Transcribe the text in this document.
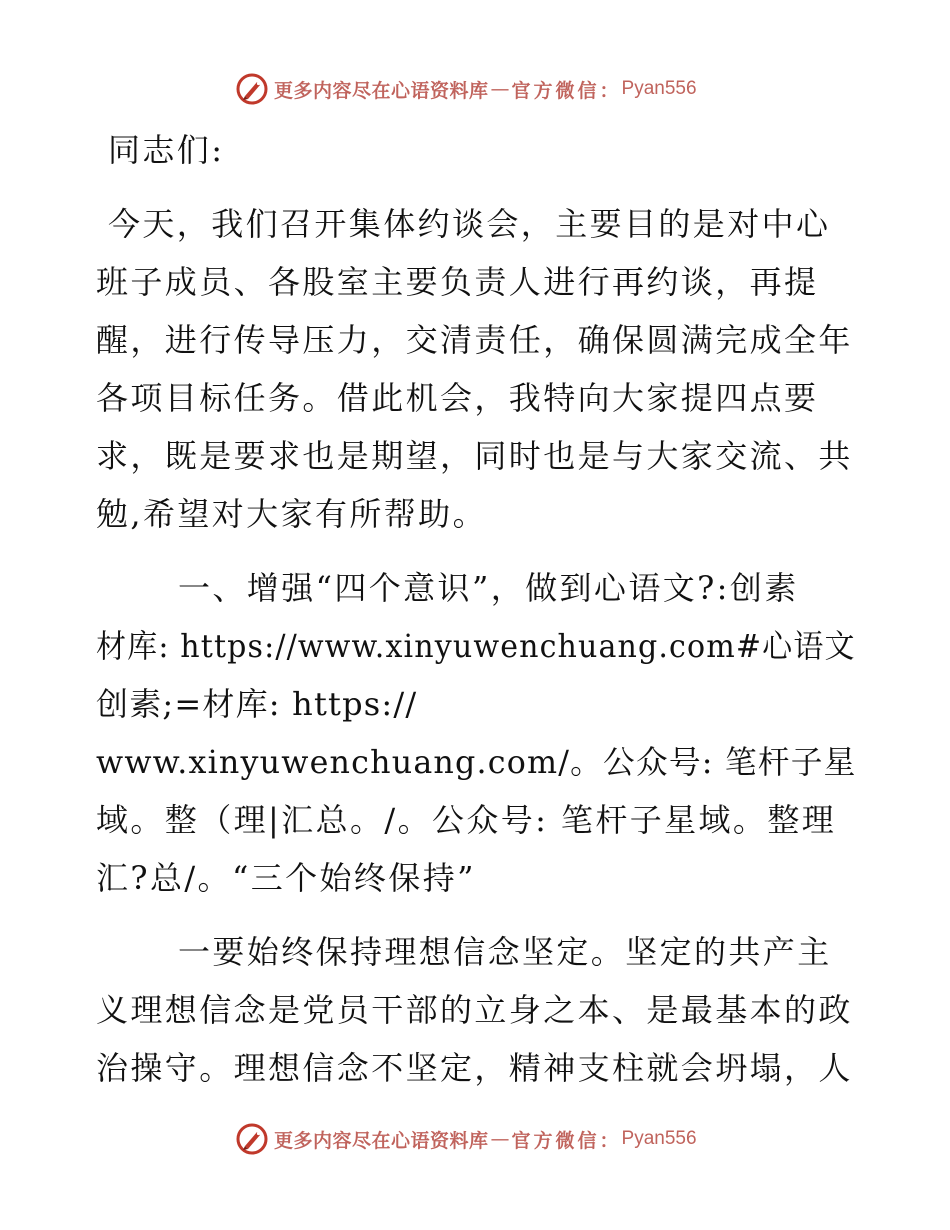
更多内容尽在心语资料库 — 官方微信： Pyan556
同志们:
今天，我们召开集体约谈会，主要目的是对中心
班子成员、各股室主要负责人进行再约谈，再提
醒，进行传导压力，交清责任，确保圆满完成全年
各项目标任务。借此机会，我特向大家提四点要
求，既是要求也是期望，同时也是与大家交流、共
勉,希望对大家有所帮助。
一、增强“四个意识”，做到心语文?:创素
材库: https://www.xinyuwenchuang.com#心语文
创素;=材库: https://
www.xinyuwenchuang.com/。公众号: 笔杆子星
域。整（理|汇总。/。公众号: 笔杆子星域。整理
汇?总/。“三个始终保持”
一要始终保持理想信念坚定。坚定的共产主
义理想信念是党员干部的立身之本、是最基本的政
治操守。理想信念不坚定，精神支柱就会坍塌，人
更多内容尽在心语资料库 — 官方微信： Pyan556
